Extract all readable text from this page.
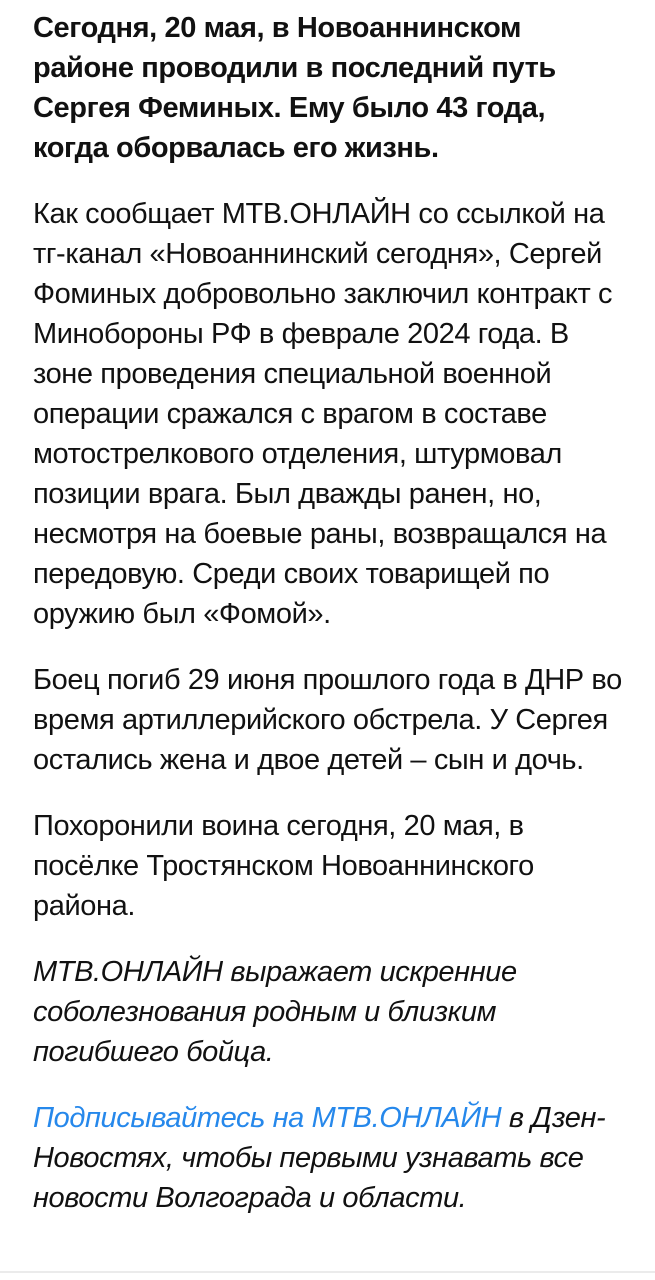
Сегодня, 20 мая, в Новоаннинском районе проводили в последний путь Сергея Феминых. Ему было 43 года, когда оборвалась его жизнь.

Как сообщает МТВ.ОНЛАЙН со ссылкой на тг-канал «Новоаннинский сегодня», Сергей Фоминых добровольно заключил контракт с Минобороны РФ в феврале 2024 года. В зоне проведения специальной военной операции сражался с врагом в составе мотострелкового отделения, штурмовал позиции врага. Был дважды ранен, но, несмотря на боевые раны, возвращался на передовую. Среди своих товарищей по оружию был «Фомой».

Боец погиб 29 июня прошлого года в ДНР во время артиллерийского обстрела. У Сергея остались жена и двое детей – сын и дочь.

Похоронили воина сегодня, 20 мая, в посёлке Тростянском Новоаннинского района.

МТВ.ОНЛАЙН выражает искренние соболезнования родным и близким погибшего бойца.

Подписывайтесь на МТВ.ОНЛАЙН в Дзен-Новостях, чтобы первыми узнавать все новости Волгограда и области.
